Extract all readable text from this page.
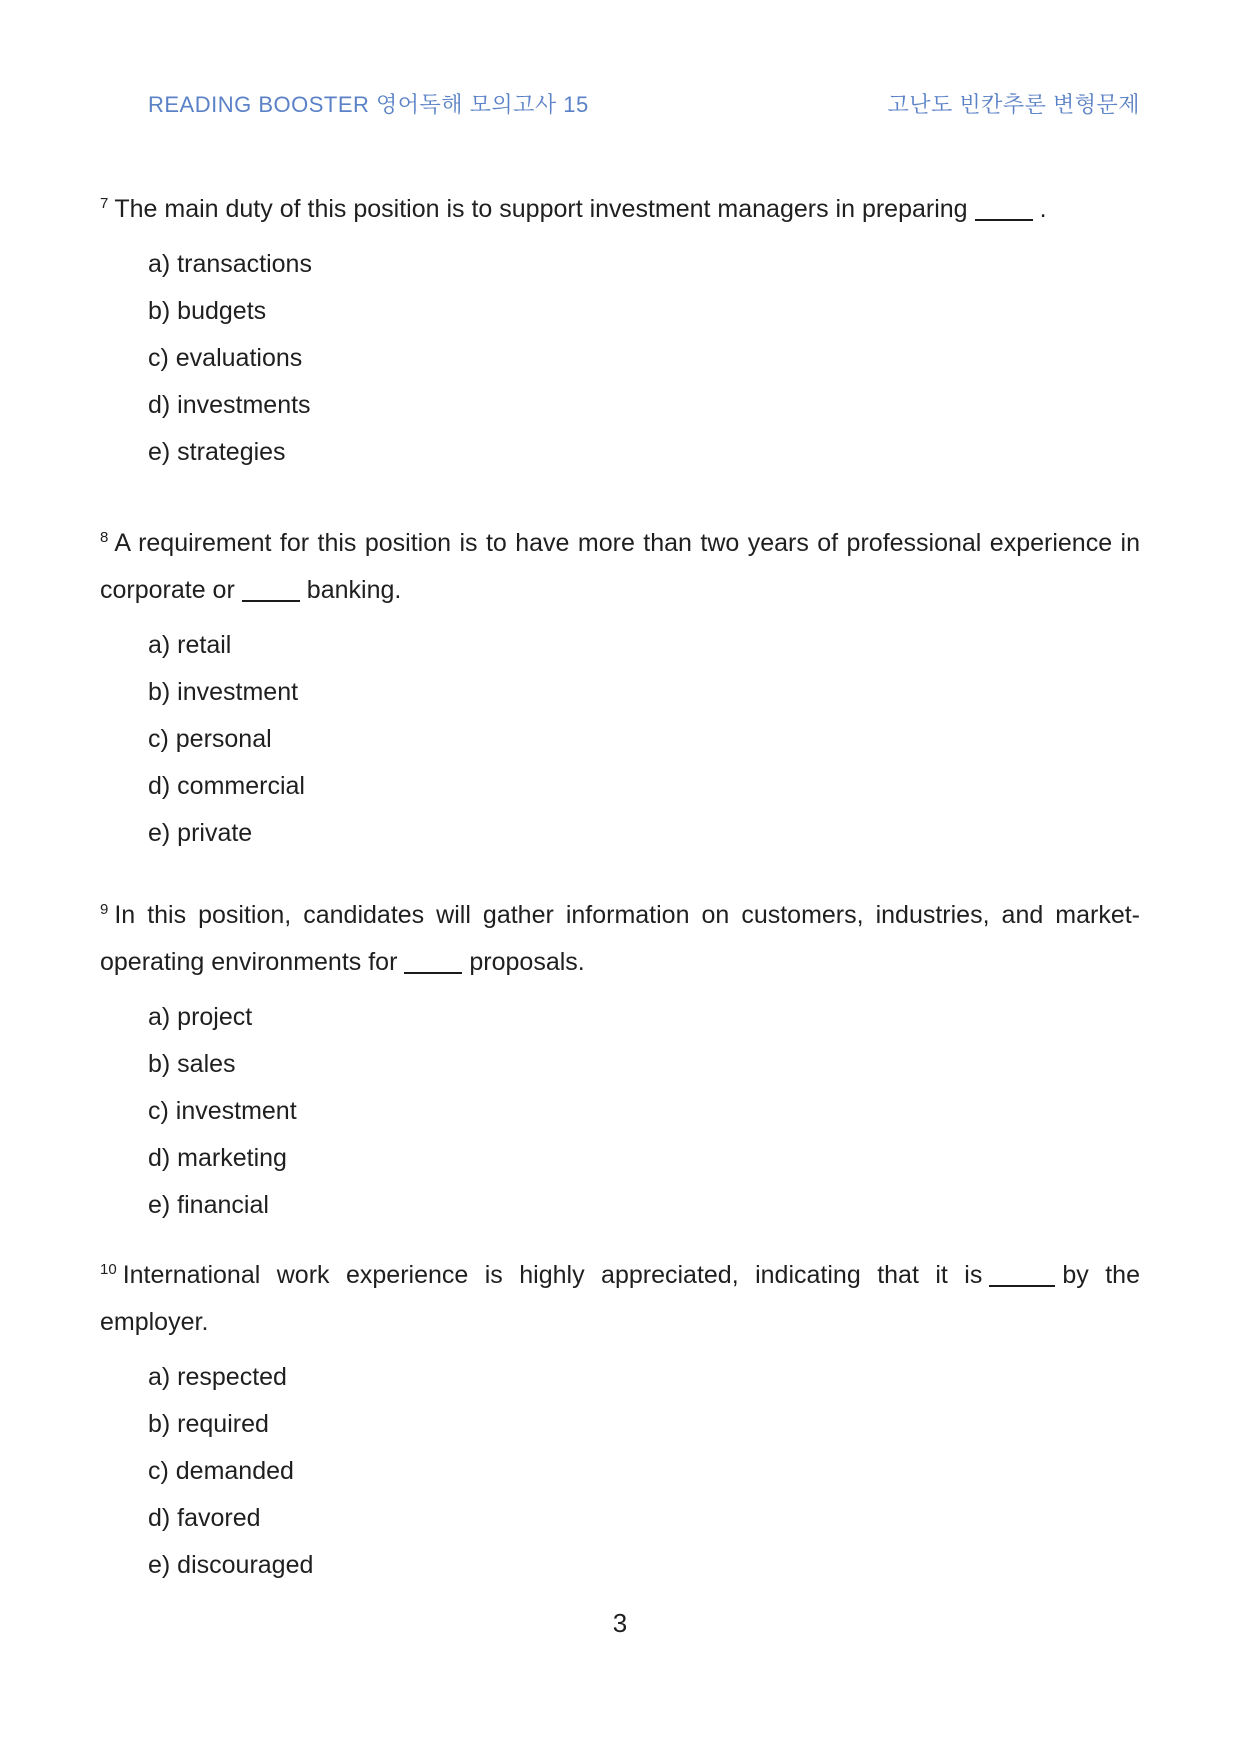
READING BOOSTER 영어독해 모의고사 15	고난도 빈칸추론 변형문제

$^7$ The main duty of this position is to support investment managers in preparing	.

a) transactions
b) budgets
c) evaluations
d) investments
e) strategies

$^8$ A requirement for this position is to have more than two years of professional experience in corporate or	banking.

a) retail
b) investment
c) personal
d) commercial
e) private

$^9$ In this position, candidates will gather information on customers, industries, and market-operating environments for	proposals.

a) project
b) sales
c) investment
d) marketing
e) financial

$^{10}$ International work experience is highly appreciated, indicating that it is	by the employer.

a) respected
b) required
c) demanded
d) favored
e) discouraged
3
